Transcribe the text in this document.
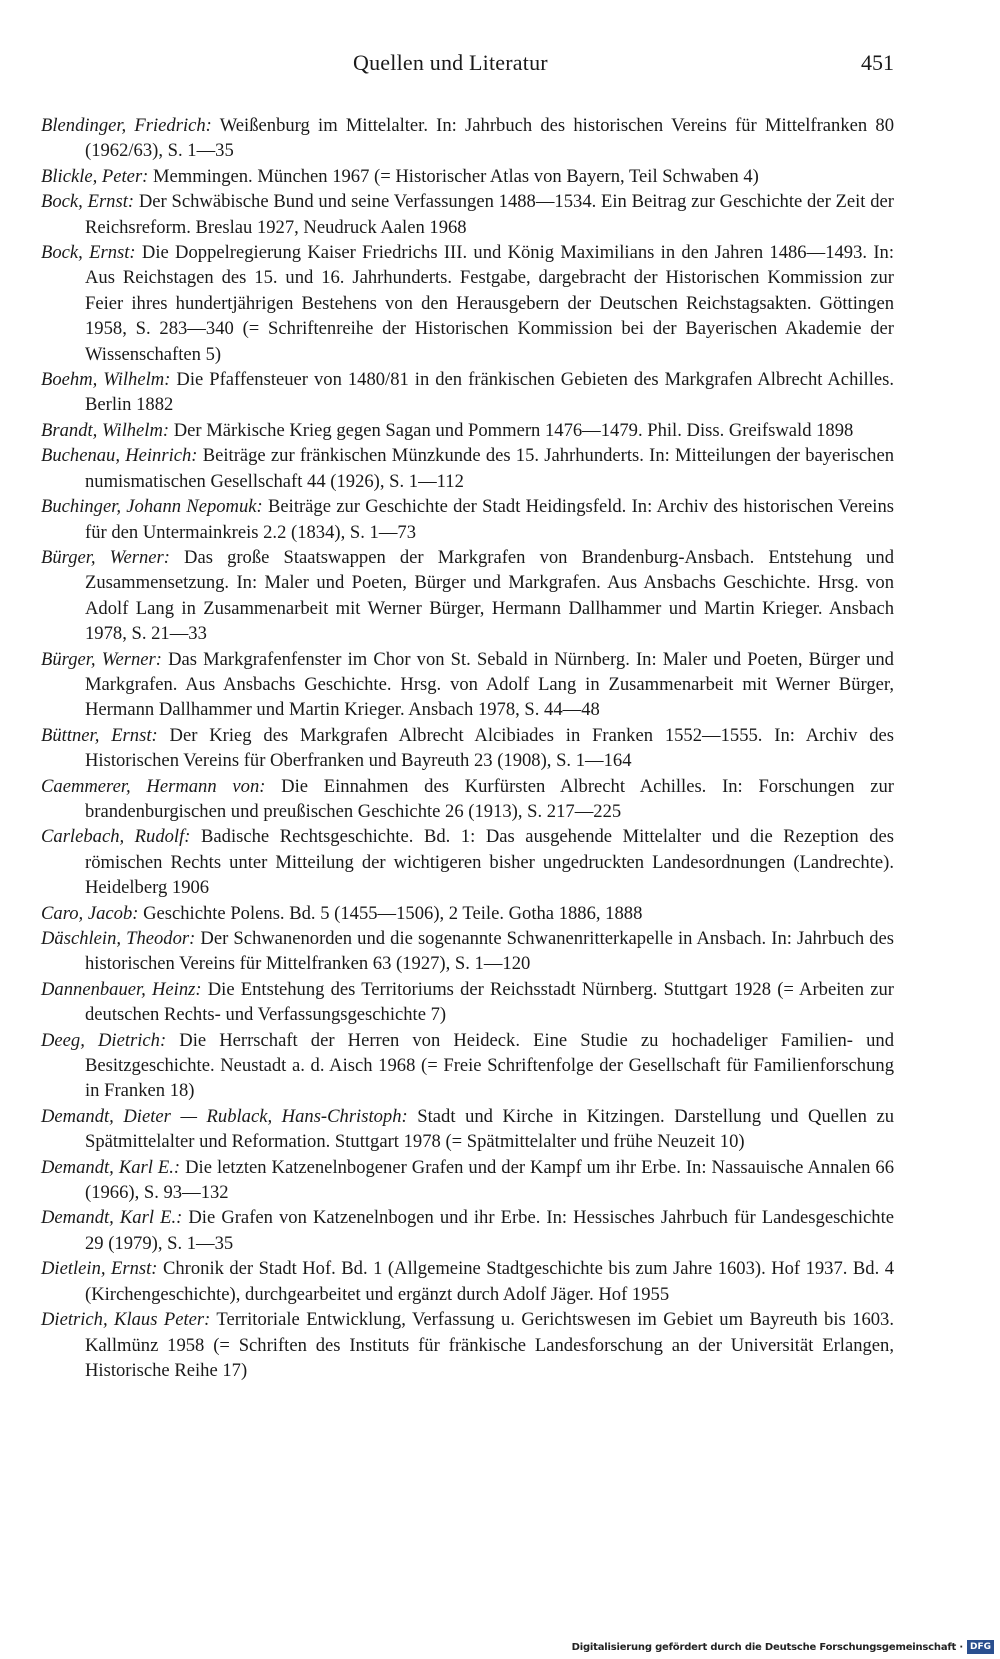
Quellen und Literatur	451

Blendinger, Friedrich: Weißenburg im Mittelalter. In: Jahrbuch des historischen Vereins für Mittelfranken 80 (1962/63), S. 1—35

Blickle, Peter: Memmingen. München 1967 (= Historischer Atlas von Bayern, Teil Schwaben 4)

Bock, Ernst: Der Schwäbische Bund und seine Verfassungen 1488—1534. Ein Beitrag zur Geschichte der Zeit der Reichsreform. Breslau 1927, Neudruck Aalen 1968

Bock, Ernst: Die Doppelregierung Kaiser Friedrichs III. und König Maximilians in den Jahren 1486—1493. In: Aus Reichstagen des 15. und 16. Jahrhunderts. Festgabe, dargebracht der Historischen Kommission zur Feier ihres hundertjährigen Bestehens von den Herausgebern der Deutschen Reichstagsakten. Göttingen 1958, S. 283—340 (= Schriftenreihe der Historischen Kommission bei der Bayerischen Akademie der Wissenschaften 5)

Boehm, Wilhelm: Die Pfaffensteuer von 1480/81 in den fränkischen Gebieten des Markgrafen Albrecht Achilles. Berlin 1882

Brandt, Wilhelm: Der Märkische Krieg gegen Sagan und Pommern 1476—1479. Phil. Diss. Greifswald 1898

Buchenau, Heinrich: Beiträge zur fränkischen Münzkunde des 15. Jahrhunderts. In: Mitteilungen der bayerischen numismatischen Gesellschaft 44 (1926), S. 1—112

Buchinger, Johann Nepomuk: Beiträge zur Geschichte der Stadt Heidingsfeld. In: Archiv des historischen Vereins für den Untermainkreis 2.2 (1834), S. 1—73

Bürger, Werner: Das große Staatswappen der Markgrafen von Brandenburg-Ansbach. Entstehung und Zusammensetzung. In: Maler und Poeten, Bürger und Markgrafen. Aus Ansbachs Geschichte. Hrsg. von Adolf Lang in Zusammenarbeit mit Werner Bürger, Hermann Dallhammer und Martin Krieger. Ansbach 1978, S. 21—33

Bürger, Werner: Das Markgrafenfenster im Chor von St. Sebald in Nürnberg. In: Maler und Poeten, Bürger und Markgrafen. Aus Ansbachs Geschichte. Hrsg. von Adolf Lang in Zusammenarbeit mit Werner Bürger, Hermann Dallhammer und Martin Krieger. Ansbach 1978, S. 44—48

Büttner, Ernst: Der Krieg des Markgrafen Albrecht Alcibiades in Franken 1552—1555. In: Archiv des Historischen Vereins für Oberfranken und Bayreuth 23 (1908), S. 1—164

Caemmerer, Hermann von: Die Einnahmen des Kurfürsten Albrecht Achilles. In: Forschungen zur brandenburgischen und preußischen Geschichte 26 (1913), S. 217—225

Carlebach, Rudolf: Badische Rechtsgeschichte. Bd. 1: Das ausgehende Mittelalter und die Rezeption des römischen Rechts unter Mitteilung der wichtigeren bisher ungedruckten Landesordnungen (Landrechte). Heidelberg 1906

Caro, Jacob: Geschichte Polens. Bd. 5 (1455—1506), 2 Teile. Gotha 1886, 1888

Däschlein, Theodor: Der Schwanenorden und die sogenannte Schwanenritterkapelle in Ansbach. In: Jahrbuch des historischen Vereins für Mittelfranken 63 (1927), S. 1—120

Dannenbauer, Heinz: Die Entstehung des Territoriums der Reichsstadt Nürnberg. Stuttgart 1928 (= Arbeiten zur deutschen Rechts- und Verfassungsgeschichte 7)

Deeg, Dietrich: Die Herrschaft der Herren von Heideck. Eine Studie zu hochadeliger Familien- und Besitzgeschichte. Neustadt a. d. Aisch 1968 (= Freie Schriftenfolge der Gesellschaft für Familienforschung in Franken 18)

Demandt, Dieter — Rublack, Hans-Christoph: Stadt und Kirche in Kitzingen. Darstellung und Quellen zu Spätmittelalter und Reformation. Stuttgart 1978 (= Spätmittelalter und frühe Neuzeit 10)

Demandt, Karl E.: Die letzten Katzenelnbogener Grafen und der Kampf um ihr Erbe. In: Nassauische Annalen 66 (1966), S. 93—132

Demandt, Karl E.: Die Grafen von Katzenelnbogen und ihr Erbe. In: Hessisches Jahrbuch für Landesgeschichte 29 (1979), S. 1—35

Dietlein, Ernst: Chronik der Stadt Hof. Bd. 1 (Allgemeine Stadtgeschichte bis zum Jahre 1603). Hof 1937. Bd. 4 (Kirchengeschichte), durchgearbeitet und ergänzt durch Adolf Jäger. Hof 1955

Dietrich, Klaus Peter: Territoriale Entwicklung, Verfassung u. Gerichtswesen im Gebiet um Bayreuth bis 1603. Kallmünz 1958 (= Schriften des Instituts für fränkische Landesforschung an der Universität Erlangen, Historische Reihe 17)

Digitalisierung gefördert durch die Deutsche Forschungsgemeinschaft · DFG
